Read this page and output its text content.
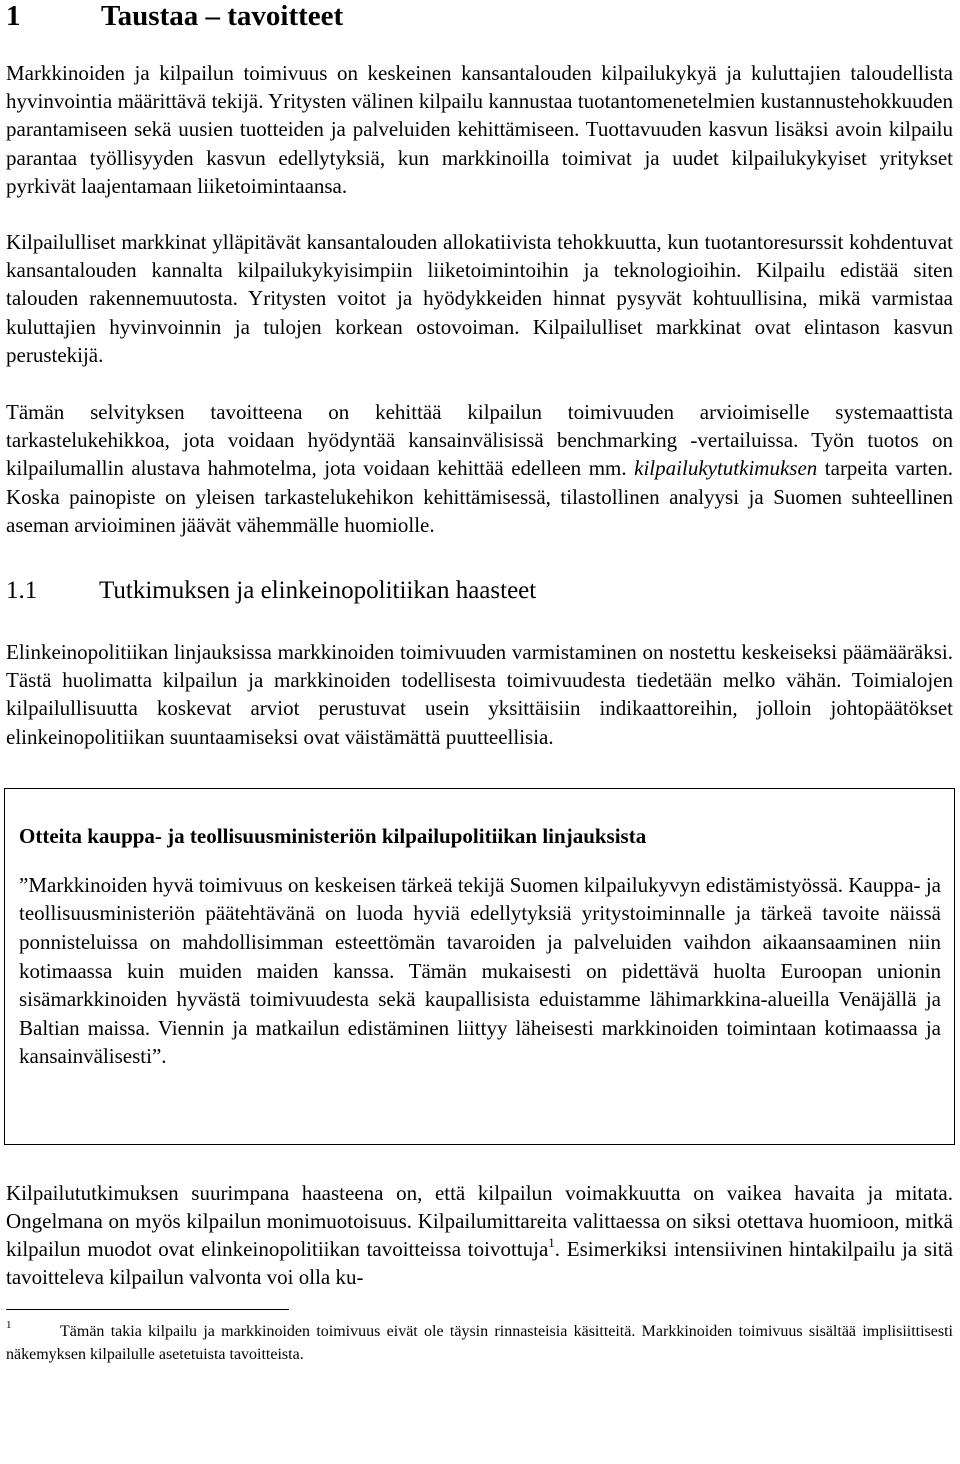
1	Taustaa – tavoitteet

Markkinoiden ja kilpailun toimivuus on keskeinen kansantalouden kilpailukykyä ja kuluttajien taloudellista hyvinvointia määrittävä tekijä. Yritysten välinen kilpailu kannustaa tuotantomenetelmien kustannustehokkuuden parantamiseen sekä uusien tuotteiden ja palveluiden kehittämiseen. Tuottavuuden kasvun lisäksi avoin kilpailu parantaa työllisyyden kasvun edellytyksiä, kun markkinoilla toimivat ja uudet kilpailukykyiset yritykset pyrkivät laajentamaan liiketoimintaansa.

Kilpailulliset markkinat ylläpitävät kansantalouden allokatiivista tehokkuutta, kun tuotantoresurssit kohdentuvat kansantalouden kannalta kilpailukykyisimpiin liiketoimintoihin ja teknologioihin. Kilpailu edistää siten talouden rakennemuutosta. Yritysten voitot ja hyödykkeiden hinnat pysyvät kohtuullisina, mikä varmistaa kuluttajien hyvinvoinnin ja tulojen korkean ostovoiman. Kilpailulliset markkinat ovat elintason kasvun perustekijä.

Tämän selvityksen tavoitteena on kehittää kilpailun toimivuuden arvioimiselle systemaattista tarkastelukehikkoa, jota voidaan hyödyntää kansainvälisissä benchmarking -vertailuissa. Työn tuotos on kilpailumallin alustava hahmotelma, jota voidaan kehittää edelleen mm. kilpailukytutkimuksen tarpeita varten. Koska painopiste on yleisen tarkastelukehikon kehittämisessä, tilastollinen analyysi ja Suomen suhteellinen aseman arvioiminen jäävät vähemmälle huomiolle.

1.1 Tutkimuksen ja elinkeinopolitiikan haasteet

Elinkeinopolitiikan linjauksissa markkinoiden toimivuuden varmistaminen on nostettu keskeiseksi päämääräksi. Tästä huolimatta kilpailun ja markkinoiden todellisesta toimivuudesta tiedetään melko vähän. Toimialojen kilpailullisuutta koskevat arviot perustuvat usein yksittäisiin indikaattoreihin, jolloin johtopäätökset elinkeinopolitiikan suuntaamiseksi ovat väistämättä puutteellisia.

Otteita kauppa- ja teollisuusministeriön kilpailupolitiikan linjauksista

”Markkinoiden hyvä toimivuus on keskeisen tärkeä tekijä Suomen kilpailukyvyn edistämistyössä. Kauppa- ja teollisuusministeriön päätehtävänä on luoda hyviä edellytyksiä yritystoiminnalle ja tärkeä tavoite näissä ponnisteluissa on mahdollisimman esteettömän tavaroiden ja palveluiden vaihdon aikaansaaminen niin kotimaassa kuin muiden maiden kanssa. Tämän mukaisesti on pidettävä huolta Euroopan unionin sisämarkkinoiden hyvästä toimivuudesta sekä kaupallisista eduistamme lähimarkkina-alueilla Venäjällä ja Baltian maissa. Viennin ja matkailun edistäminen liittyy läheisesti markkinoiden toimintaan kotimaassa ja kansainvälisesti”.

Kilpailututkimuksen suurimpana haasteena on, että kilpailun voimakkuutta on vaikea havaita ja mitata. Ongelmana on myös kilpailun monimuotoisuus. Kilpailumittareita valittaessa on siksi otettava huomioon, mitkä kilpailun muodot ovat elinkeinopolitiikan tavoitteissa toivottuja$^1$. Esimerkiksi intensiivinen hintakilpailu ja sitä tavoitteleva kilpailun valvonta voi olla ku-

1	Tämän takia kilpailu ja markkinoiden toimivuus eivät ole täysin rinnasteisia käsitteitä. Markkinoiden toimivuus sisältää implisiittisesti näkemyksen kilpailulle asetetuista tavoitteista.
